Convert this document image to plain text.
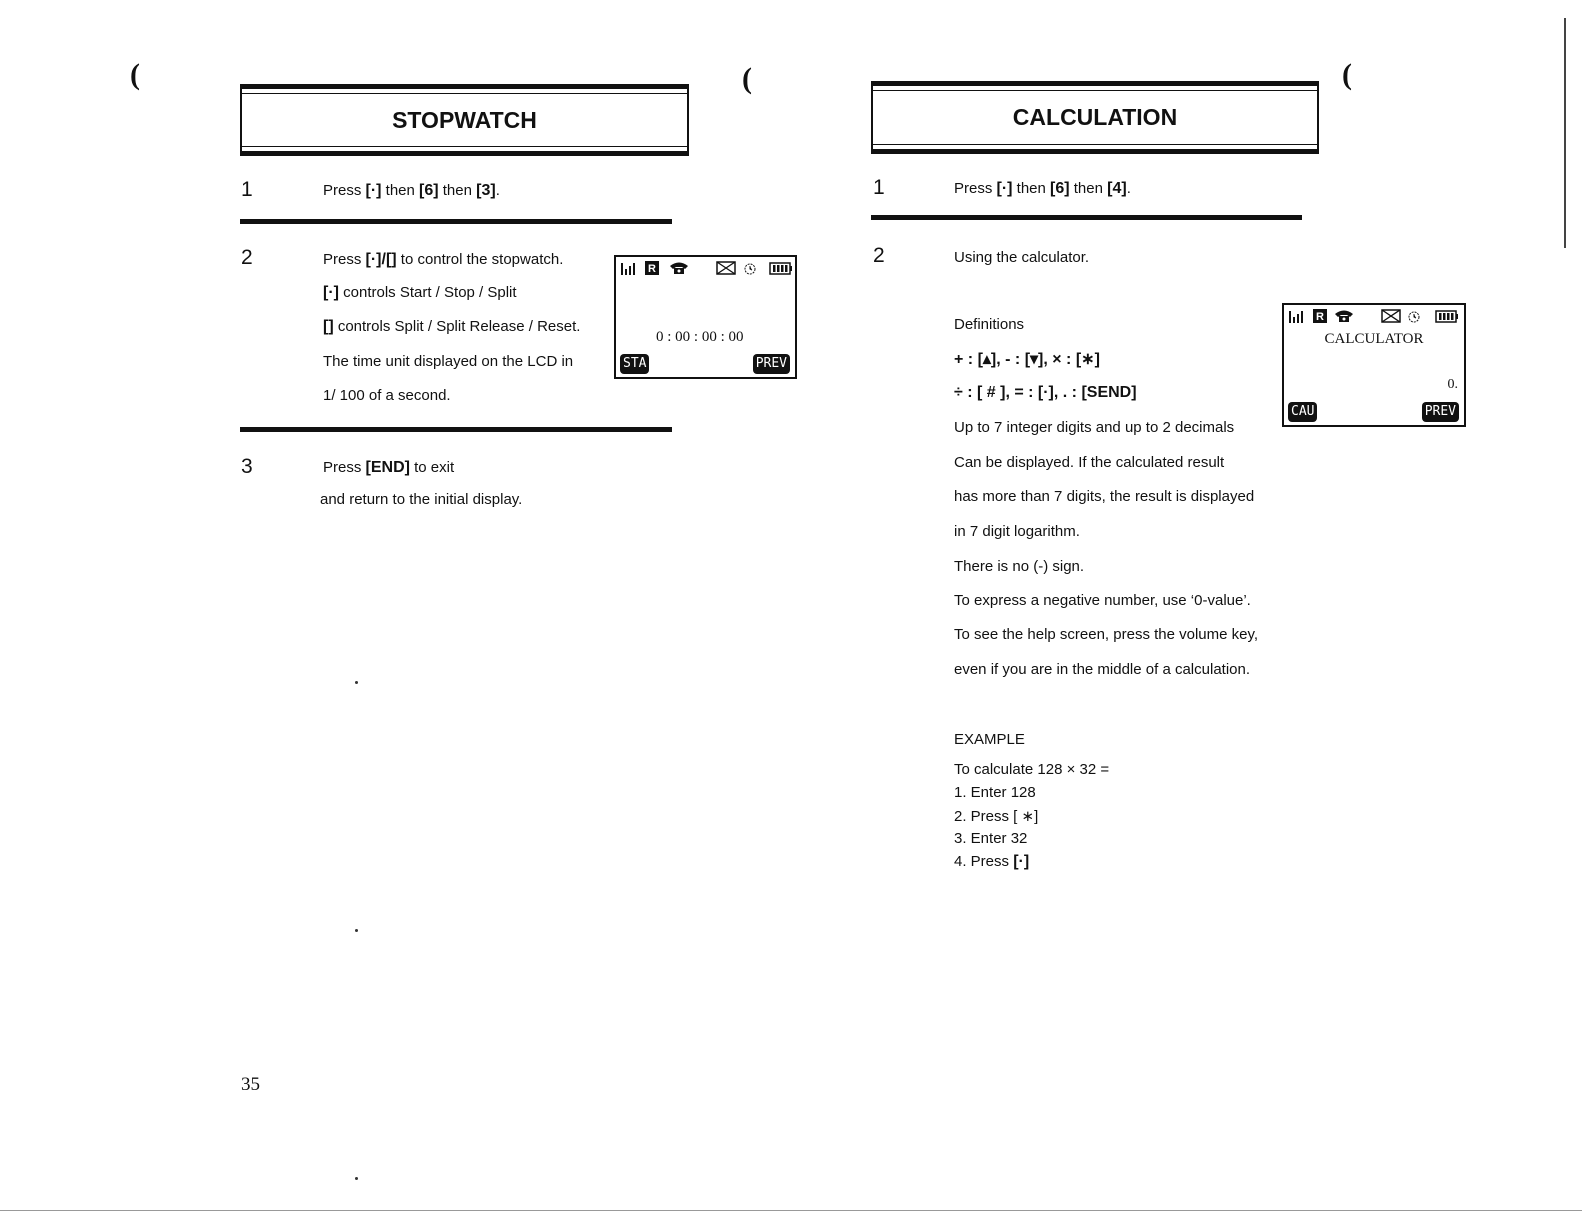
(	(	(
STOPWATCH
1	Press [·] then [6] then [3].
2	Press [·]/[] to control the stopwatch.
[·] controls Start / Stop / Split
[] controls Split / Split Release / Reset.
The time unit displayed on the LCD in
1/ 100 of a second.
R
0 : 00 : 00 : 00
STA	PREV
3	Press [END] to exit
and return to the initial display.
35
CALCULATION
1	Press [·] then [6] then [4].
2	Using the calculator.
Definitions
+ : [▴], - : [▾], × : [∗]
÷ : [ # ], = : [·], . : [SEND]
Up to 7 integer digits and up to 2 decimals
Can be displayed. If the calculated result
has more than 7 digits, the result is displayed
in 7 digit logarithm.
There is no (-) sign.
To express a negative number, use ‘0-value’.
To see the help screen, press the volume key,
even if you are in the middle of a calculation.
R
CALCULATOR
0.
CAU	PREV
EXAMPLE
To calculate 128 × 32 =
1. Enter 128
2. Press [ ∗]
3. Enter 32
4. Press [·]
